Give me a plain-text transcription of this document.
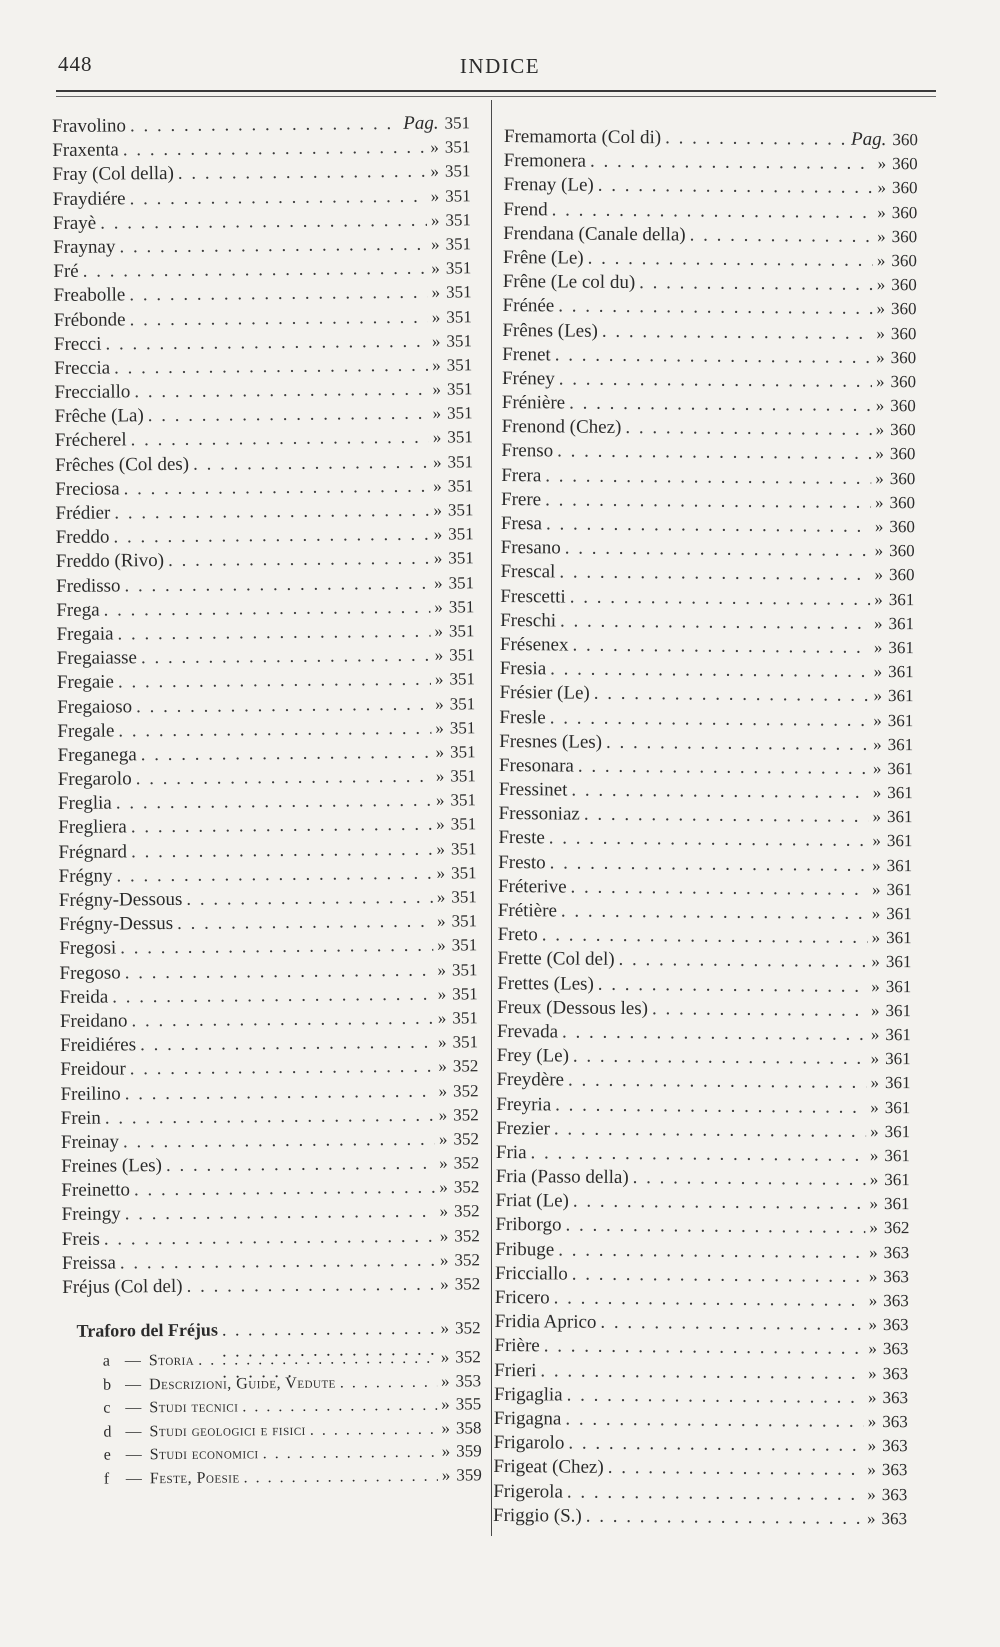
448	INDICE
Fravolino . . .	Pag. 351
Fraxenta . . .	» 351
Fray (Col della) . . .	» 351
Fraydiére . . .	» 351
Frayè . . .	» 351
Fraynay . . .	» 351
Fré . . .	» 351
Freabolle . . .	» 351
Frébonde . . .	» 351
Frecci . . .	» 351
Freccia . . .	» 351
Frecciallo . . .	» 351
Frêche (La) . . .	» 351
Frécherel . . .	» 351
Frêches (Col des) . . .	» 351
Freciosa . . .	» 351
Frédier . . .	» 351
Freddo . . .	» 351
Freddo (Rivo) . . .	» 351
Fredisso . . .	» 351
Frega . . .	» 351
Fregaia . . .	» 351
Fregaiasse . . .	» 351
Fregaie . . .	» 351
Fregaioso . . .	» 351
Fregale . . .	» 351
Freganega . . .	» 351
Fregarolo . . .	» 351
Freglia . . .	» 351
Fregliera . . .	» 351
Frégnard . . .	» 351
Frégny . . .	» 351
Frégny-Dessous . . .	» 351
Frégny-Dessus . . .	» 351
Fregosi . . .	» 351
Fregoso . . .	» 351
Freida . . .	» 351
Freidano . . .	» 351
Freidiéres . . .	» 351
Freidour . . .	» 352
Freilino . . .	» 352
Frein . . .	» 352
Freinay . . .	» 352
Freines (Les) . . .	» 352
Freinetto . . .	» 352
Freingy . . .	» 352
Freis . . .	» 352
Freissa . . .	» 352
Fréjus (Col del) . . .	» 352
Traforo del Fréjus . . .	» 352
a — Storia . . .	» 352
b — Descrizioni, Guide, Vedute . . .	» 353
c — Studi tecnici . . .	» 355
d — Studi geologici e fisici . . .	» 358
e — Studi economici . . .	» 359
f	— Feste, Poesie . . .	» 359
Fremamorta (Col di) . . .	Pag. 360
Fremonera . . .	» 360
Frenay (Le) . . .	» 360
Frend . . .	» 360
Frendana (Canale della) . . .	» 360
Frêne (Le) . . .	» 360
Frêne (Le col du) . . .	» 360
Frénée . . .	» 360
Frênes (Les) . . .	» 360
Frenet . . .	» 360
Fréney . . .	» 360
Frénière . . .	» 360
Frenond (Chez) . . .	» 360
Frenso . . .	» 360
Frera . . .	» 360
Frere . . .	» 360
Fresa . . .	» 360
Fresano . . .	» 360
Frescal . . .	» 360
Frescetti . . .	» 361
Freschi . . .	» 361
Frésenex . . .	» 361
Fresia . . .	» 361
Frésier (Le) . . .	» 361
Fresle . . .	» 361
Fresnes (Les) . . .	» 361
Fresonara . . .	» 361
Fressinet . . .	» 361
Fressoniaz . . .	» 361
Freste . . .	» 361
Fresto . . .	» 361
Fréterive . . .	» 361
Frétière . . .	» 361
Freto . . .	» 361
Frette (Col del) . . .	» 361
Frettes (Les) . . .	» 361
Freux (Dessous les) . . .	» 361
Frevada . . .	» 361
Frey (Le) . . .	» 361
Freydère . . .	» 361
Freyria . . .	» 361
Frezier . . .	» 361
Fria . . .	» 361
Fria (Passo della) . . .	» 361
Friat (Le) . . .	» 361
Friborgo . . .	» 362
Fribuge . . .	» 363
Fricciallo . . .	» 363
Fricero . . .	» 363
Fridia Aprico . . .	» 363
Frière . . .	» 363
Frieri . . .	» 363
Frigaglia . . .	» 363
Frigagna . . .	» 363
Frigarolo . . .	» 363
Frigeat (Chez) . . .	» 363
Frigerola . . .	» 363
Friggio (S.) . . .	» 363
